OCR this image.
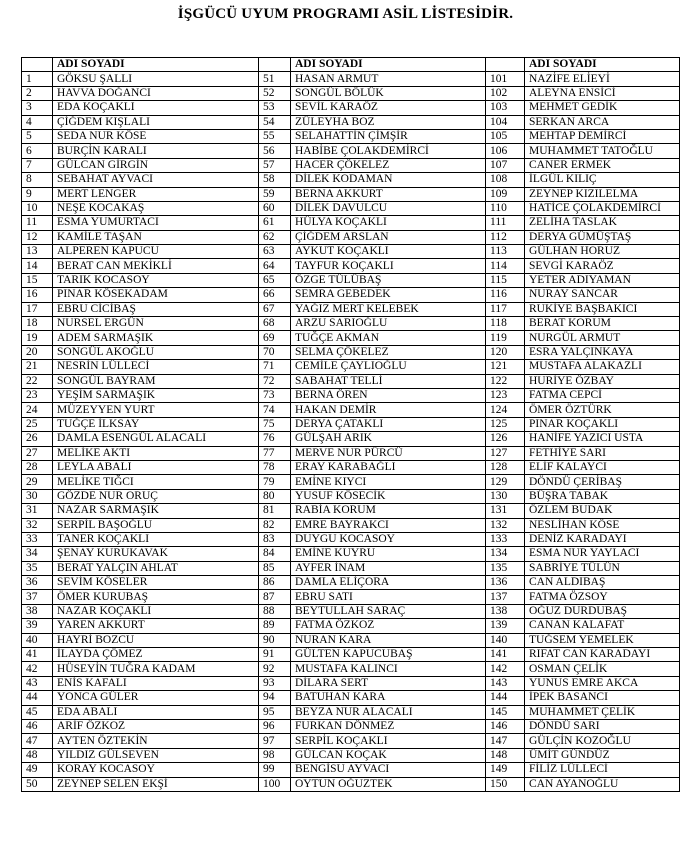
İŞGÜCÜ UYUM PROGRAMI ASİL LİSTESİDİR.
	ADI SOYADI		ADI SOYADI		ADI SOYADI
1	GÖKSU ŞALLI	51	HASAN ARMUT	101	NAZİFE ELİEYİ
2	HAVVA DOĞANCI	52	SONGÜL BÖLÜK	102	ALEYNA ENSİCİ
3	EDA KOÇAKLI	53	SEVİL KARAÖZ	103	MEHMET GEDİK
4	ÇİĞDEM KIŞLALI	54	ZÜLEYHA BOZ	104	SERKAN ARCA
5	SEDA NUR KÖSE	55	SELAHATTİN ÇİMŞİR	105	MEHTAP DEMİRCİ
6	BURÇİN KARALI	56	HABİBE ÇOLAKDEMİRCİ	106	MUHAMMET TATOĞLU
7	GÜLCAN GİRGİN	57	HACER ÇÖKELEZ	107	CANER ERMEK
8	SEBAHAT AYVACI	58	DİLEK KODAMAN	108	İLGÜL KILIÇ
9	MERT LENGER	59	BERNA AKKURT	109	ZEYNEP KIZILELMA
10	NEŞE KOCAKAŞ	60	DİLEK DAVULCU	110	HATİCE ÇOLAKDEMİRCİ
11	ESMA YUMURTACI	61	HÜLYA KOÇAKLI	111	ZELİHA TASLAK
12	KAMİLE TAŞAN	62	ÇİĞDEM ARSLAN	112	DERYA GÜMÜŞTAŞ
13	ALPEREN KAPUCU	63	AYKUT KOÇAKLI	113	GÜLHAN HORUZ
14	BERAT CAN MEKİKLİ	64	TAYFUR KOÇAKLI	114	SEVGİ KARAÖZ
15	TARIK KOCASOY	65	ÖZGE TÜLÜBAŞ	115	YETER ADIYAMAN
16	PINAR KÖSEKADAM	66	SEMRA GEBEDEK	116	NURAY SANCAR
17	EBRU CİCİBAŞ	67	YAĞIZ MERT KELEBEK	117	RUKİYE BAŞBAKICI
18	NURSEL ERGÜN	68	ARZU SARIOĞLU	118	BERAT KORUM
19	ADEM SARMAŞIK	69	TUĞÇE AKMAN	119	NURGÜL ARMUT
20	SONGÜL AKOĞLU	70	SELMA ÇÖKELEZ	120	ESRA YALÇINKAYA
21	NESRİN LÜLLECİ	71	CEMİLE ÇAYLIOĞLU	121	MUSTAFA ALAKAZLI
22	SONGÜL BAYRAM	72	SABAHAT TELLİ	122	HURİYE ÖZBAY
23	YEŞİM SARMAŞIK	73	BERNA ÖREN	123	FATMA CEPCİ
24	MÜZEYYEN YURT	74	HAKAN DEMİR	124	ÖMER ÖZTÜRK
25	TUĞÇE İLKSAY	75	DERYA ÇATAKLI	125	PINAR KOÇAKLI
26	DAMLA ESENGÜL ALACALI	76	GÜLŞAH ARIK	126	HANİFE YAZICI USTA
27	MELİKE AKTI	77	MERVE NUR PÜRCÜ	127	FETHİYE SARI
28	LEYLA ABALI	78	ERAY KARABAĞLI	128	ELİF KALAYCI
29	MELİKE TIĞCI	79	EMİNE KIYCI	129	DÖNDÜ ÇERİBAŞ
30	GÖZDE NUR ORUÇ	80	YUSUF KÖSECİK	130	BÜŞRA TABAK
31	NAZAR SARMAŞIK	81	RABİA KORUM	131	ÖZLEM BUDAK
32	SERPİL BAŞOĞLU	82	EMRE BAYRAKCI	132	NESLİHAN KÖSE
33	TANER KOÇAKLI	83	DUYGU KOCASOY	133	DENİZ KARADAYI
34	ŞENAY KURUKAVAK	84	EMİNE KUYRU	134	ESMA NUR YAYLACI
35	BERAT YALÇIN AHLAT	85	AYFER İNAM	135	SABRİYE TÜLÜN
36	SEVİM KÖSELER	86	DAMLA ELİÇORA	136	CAN ALDIBAŞ
37	ÖMER KURUBAŞ	87	EBRU SATI	137	FATMA ÖZSOY
38	NAZAR KOÇAKLI	88	BEYTULLAH SARAÇ	138	OĞUZ DURDUBAŞ
39	YAREN AKKURT	89	FATMA ÖZKOZ	139	CANAN KALAFAT
40	HAYRİ BOZCU	90	NURAN KARA	140	TUĞSEM YEMELEK
41	İLAYDA ÇÖMEZ	91	GÜLTEN KAPUCUBAŞ	141	RIFAT CAN KARADAYI
42	HÜSEYİN TUĞRA KADAM	92	MUSTAFA KALINCI	142	OSMAN ÇELİK
43	ENİS KAFALI	93	DİLARA SERT	143	YUNUS EMRE AKCA
44	YONCA GÜLER	94	BATUHAN KARA	144	İPEK BASANCI
45	EDA ABALI	95	BEYZA NUR ALACALI	145	MUHAMMET ÇELİK
46	ARİF ÖZKOZ	96	FURKAN DÖNMEZ	146	DÖNDÜ SARI
47	AYTEN ÖZTEKİN	97	SERPİL KOÇAKLI	147	GÜLÇİN KOZOĞLU
48	YILDIZ GÜLSEVEN	98	GÜLCAN KOÇAK	148	ÜMİT GÜNDÜZ
49	KORAY KOCASOY	99	BENGİSU AYVACI	149	FİLİZ LÜLLECİ
50	ZEYNEP SELEN EKŞİ	100	OYTUN OĞUZTEK	150	CAN AYANOĞLU
